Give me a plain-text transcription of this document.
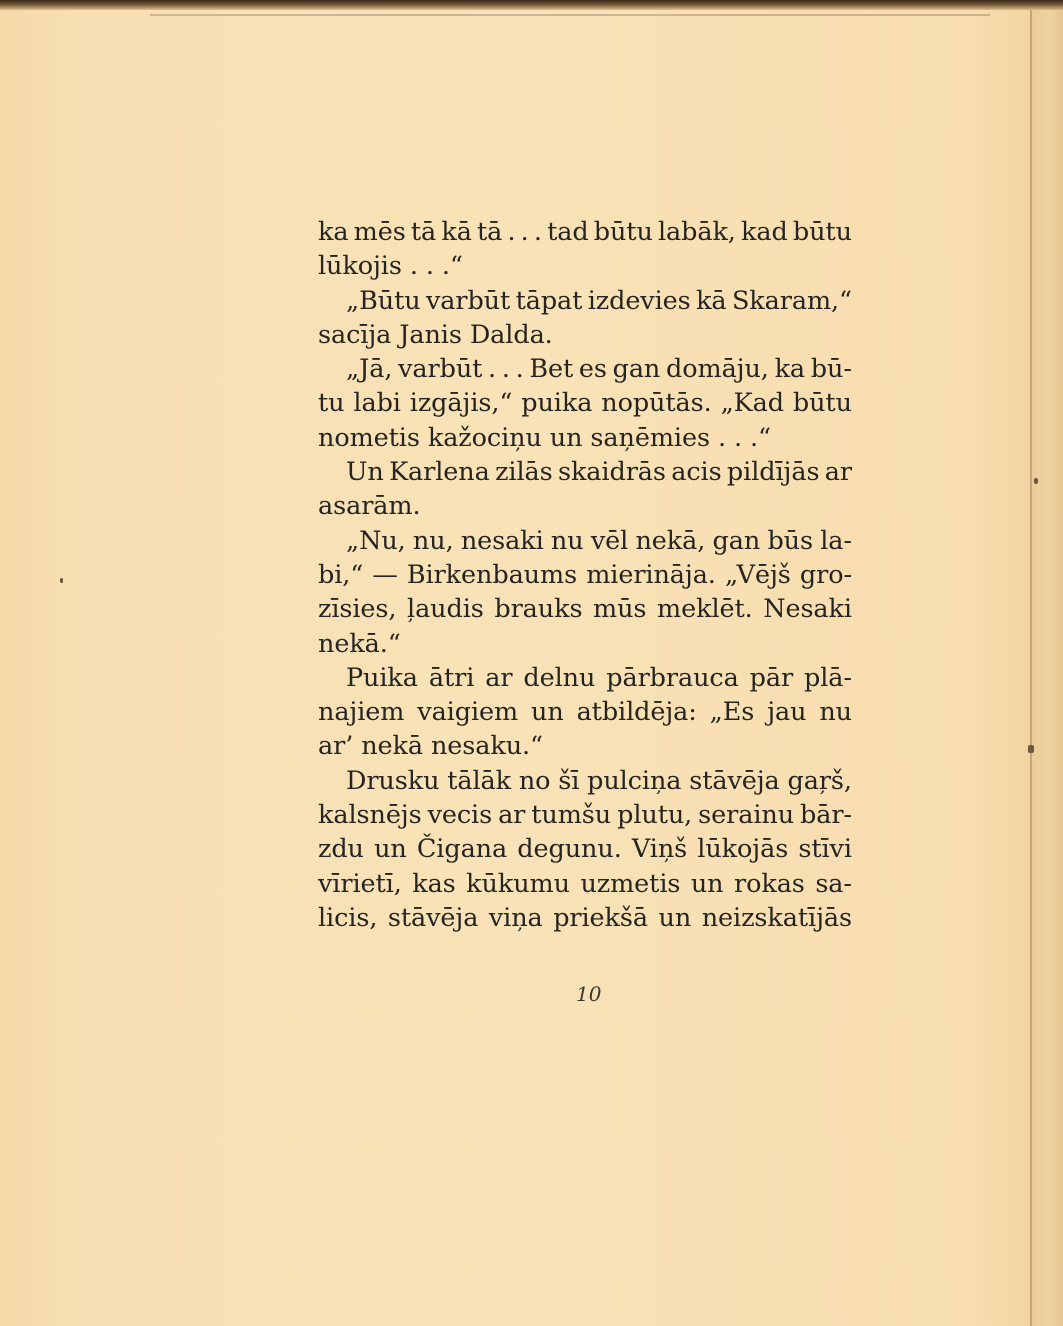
ka mēs tā kā tā . . . tad būtu labāk, kad būtu
lūkojis . . .“
„Būtu varbūt tāpat izdevies kā Skaram,“
sacīja Janis Dalda.
„Jā, varbūt . . . Bet es gan domāju, ka bū-
tu labi izgājis,“ puika nopūtās. „Kad būtu
nometis kažociņu un saņēmies . . .“
Un Karlena zilās skaidrās acis pildījās ar
asarām.
„Nu, nu, nesaki nu vēl nekā, gan būs la-
bi,“ — Birkenbaums mierināja. „Vējš gro-
zīsies, ļaudis brauks mūs meklēt. Nesaki
nekā.“
Puika ātri ar delnu pārbrauca pār plā-
najiem vaigiem un atbildēja: „Es jau nu
ar’ nekā nesaku.“
Drusku tālāk no šī pulciņa stāvēja gaŗš,
kalsnējs vecis ar tumšu plutu, serainu bār-
zdu un Čigana degunu. Viņš lūkojās stīvi
vīrietī, kas kūkumu uzmetis un rokas sa-
licis, stāvēja viņa priekšā un neizskatījās
10
